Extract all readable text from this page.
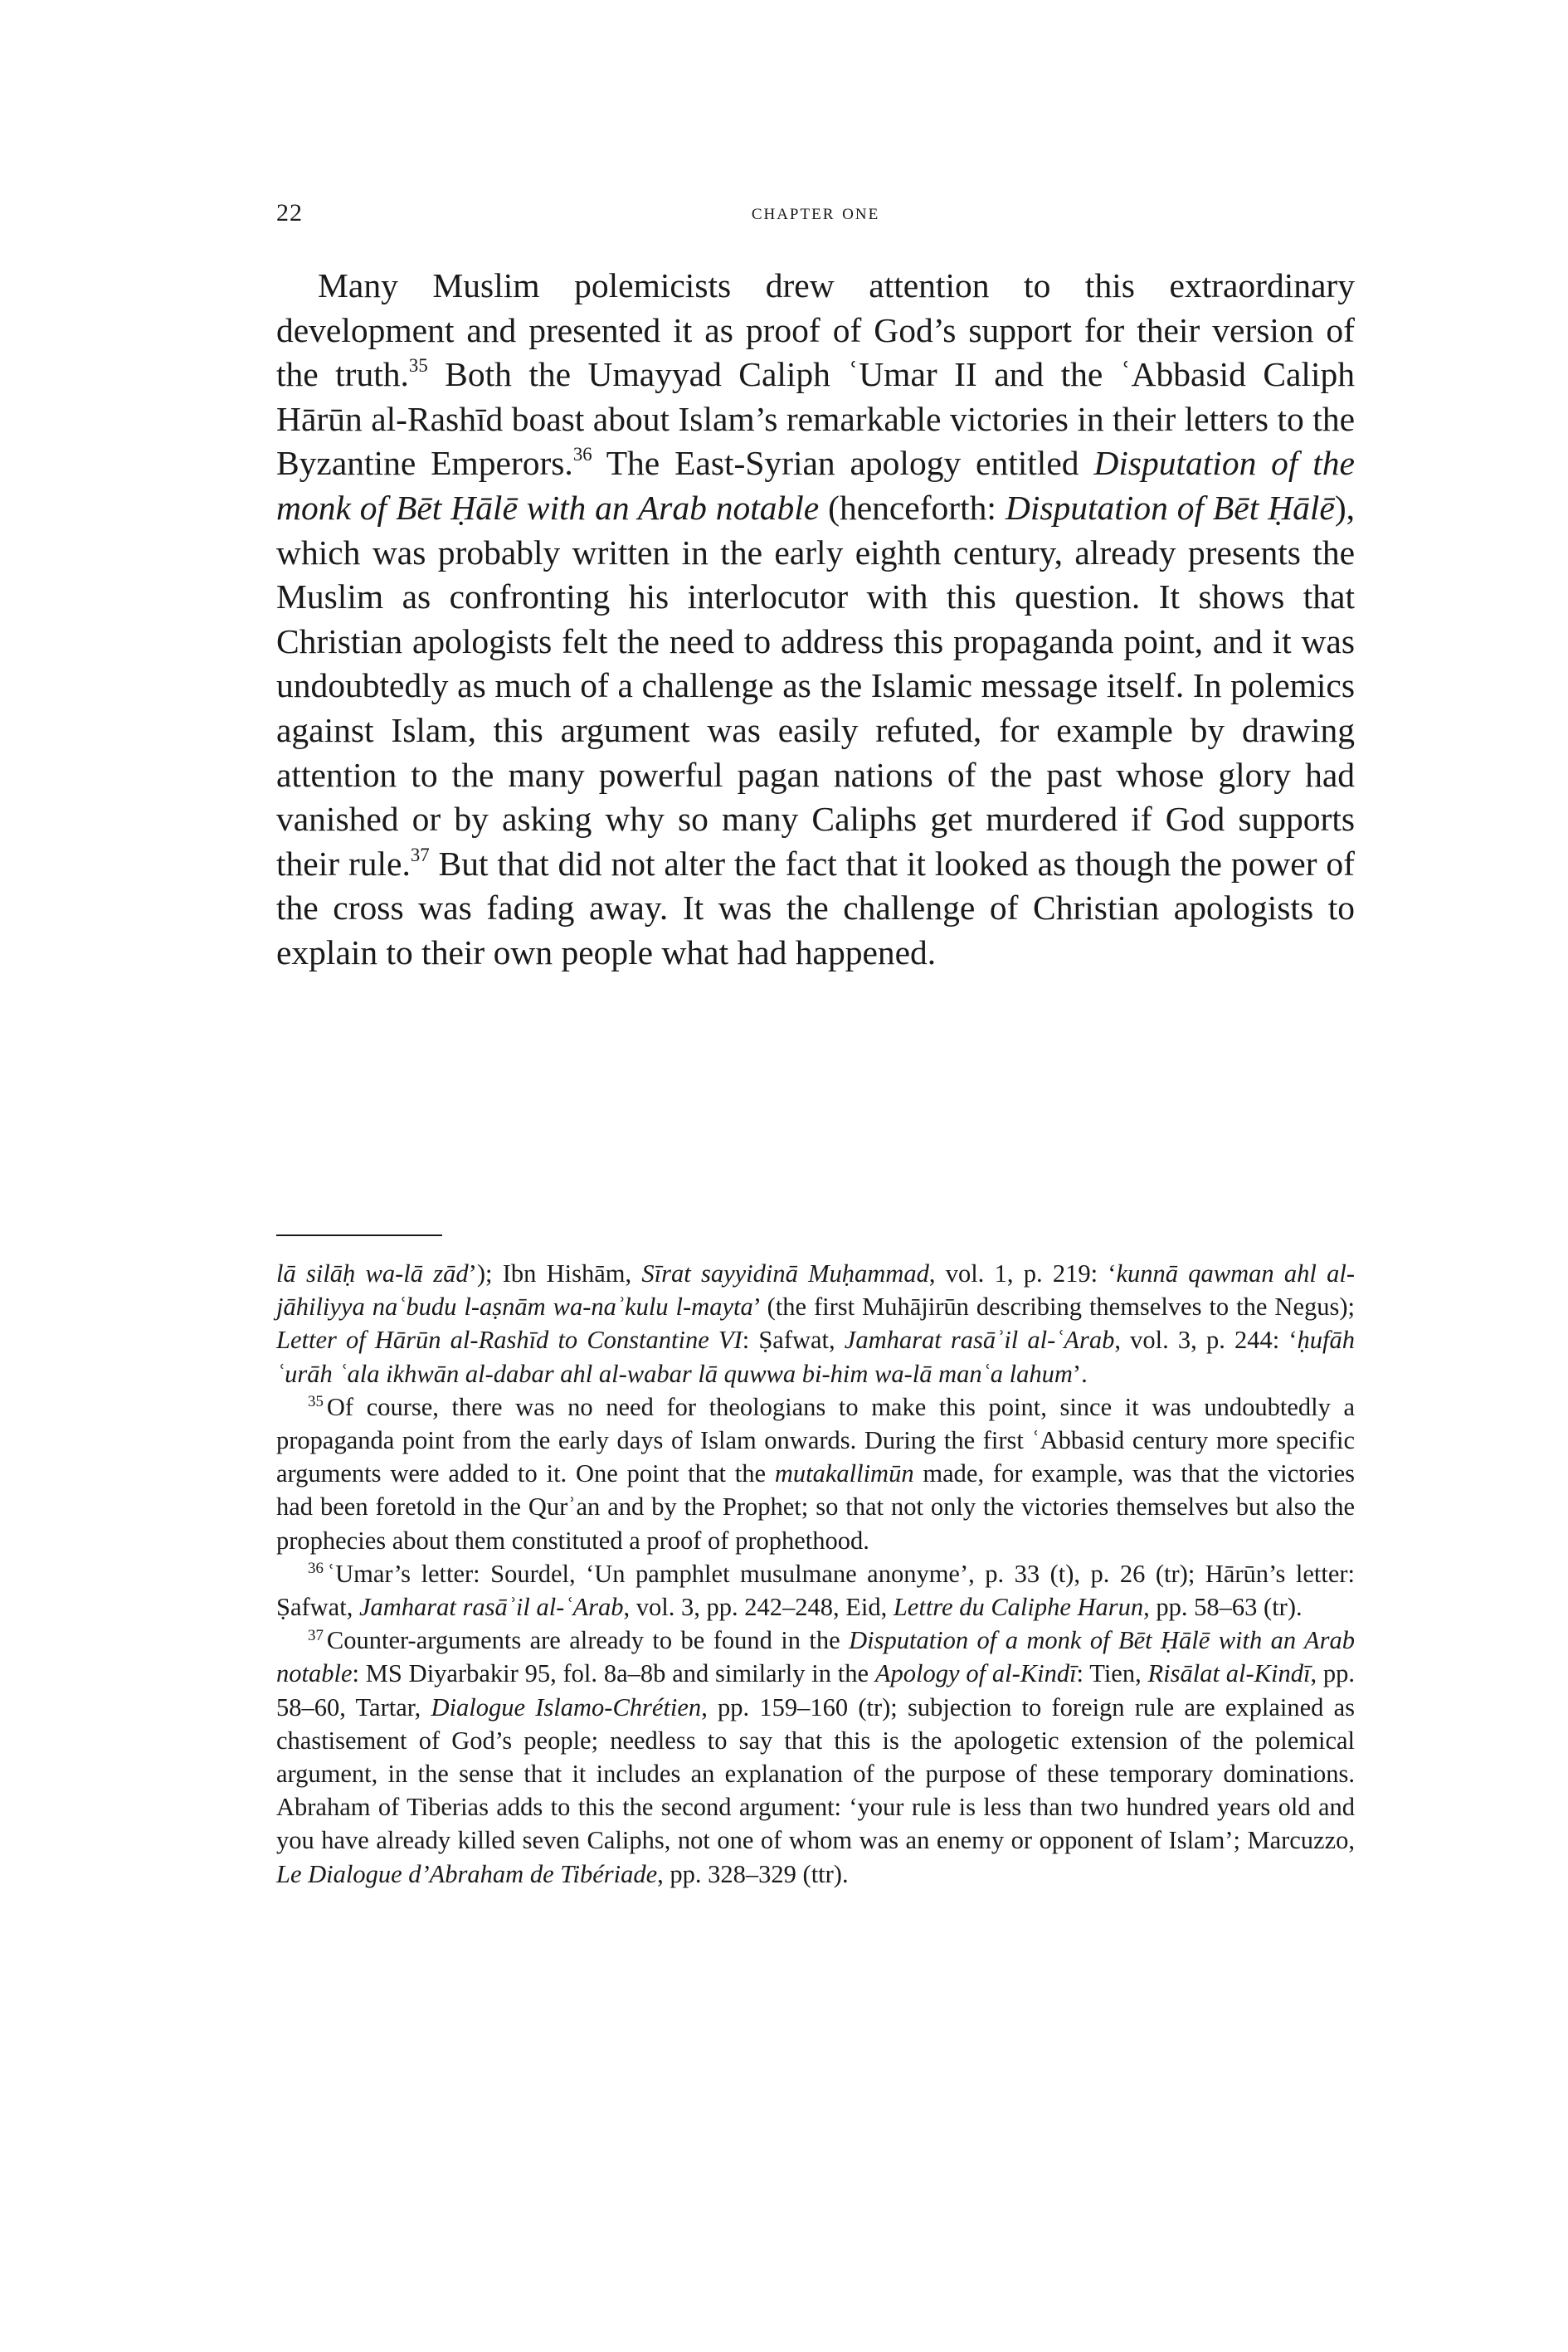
22	chapter one

Many Muslim polemicists drew attention to this extraordinary development and presented it as proof of God’s support for their version of the truth.$^{35}$ Both the Umayyad Caliph ʿUmar II and the ʿAbbasid Caliph Hārūn al-Rashīd boast about Islam’s remarkable victories in their letters to the Byzantine Emperors.$^{36}$ The East-Syrian apology entitled Disputation of the monk of Bēt Ḥālē with an Arab notable (henceforth: Disputation of Bēt Ḥālē), which was probably written in the early eighth century, already presents the Muslim as confronting his interlocutor with this question. It shows that Christian apologists felt the need to address this propaganda point, and it was undoubtedly as much of a challenge as the Islamic message itself. In polemics against Islam, this argument was easily refuted, for example by drawing attention to the many powerful pagan nations of the past whose glory had vanished or by asking why so many Caliphs get murdered if God supports their rule.$^{37}$ But that did not alter the fact that it looked as though the power of the cross was fading away. It was the challenge of Christian apologists to explain to their own people what had happened.

lā silāḥ wa-lā zād’); Ibn Hishām, Sīrat sayyidinā Muḥammad, vol. 1, p. 219: ‘kunnā qawman ahl al-jāhiliyya naʿbudu l-aṣnām wa-naʾkulu l-mayta’ (the first Muhājirūn describing themselves to the Negus); Letter of Hārūn al-Rashīd to Constantine VI: Ṣafwat, Jamharat rasāʾil al-ʿArab, vol. 3, p. 244: ‘ḥufāh ʿurāh ʿala ikhwān al-dabar ahl al-wabar lā quwwa bi-him wa-lā manʿa lahum’.

$^{35}$ Of course, there was no need for theologians to make this point, since it was undoubtedly a propaganda point from the early days of Islam onwards. During the first ʿAbbasid century more specific arguments were added to it. One point that the mutakallimūn made, for example, was that the victories had been foretold in the Qurʾan and by the Prophet; so that not only the victories themselves but also the prophecies about them constituted a proof of prophethood.

$^{36}$ ʿUmar’s letter: Sourdel, ‘Un pamphlet musulmane anonyme’, p. 33 (t), p. 26 (tr); Hārūn’s letter: Ṣafwat, Jamharat rasāʾil al-ʿArab, vol. 3, pp. 242–248, Eid, Lettre du Caliphe Harun, pp. 58–63 (tr).

$^{37}$ Counter-arguments are already to be found in the Disputation of a monk of Bēt Ḥālē with an Arab notable: MS Diyarbakir 95, fol. 8a–8b and similarly in the Apology of al-Kindī: Tien, Risālat al-Kindī, pp. 58–60, Tartar, Dialogue Islamo-Chrétien, pp. 159–160 (tr); subjection to foreign rule are explained as chastisement of God’s people; needless to say that this is the apologetic extension of the polemical argument, in the sense that it includes an explanation of the purpose of these temporary dominations. Abraham of Tiberias adds to this the second argument: ‘your rule is less than two hundred years old and you have already killed seven Caliphs, not one of whom was an enemy or opponent of Islam’; Marcuzzo, Le Dialogue d’Abraham de Tibériade, pp. 328–329 (ttr).
